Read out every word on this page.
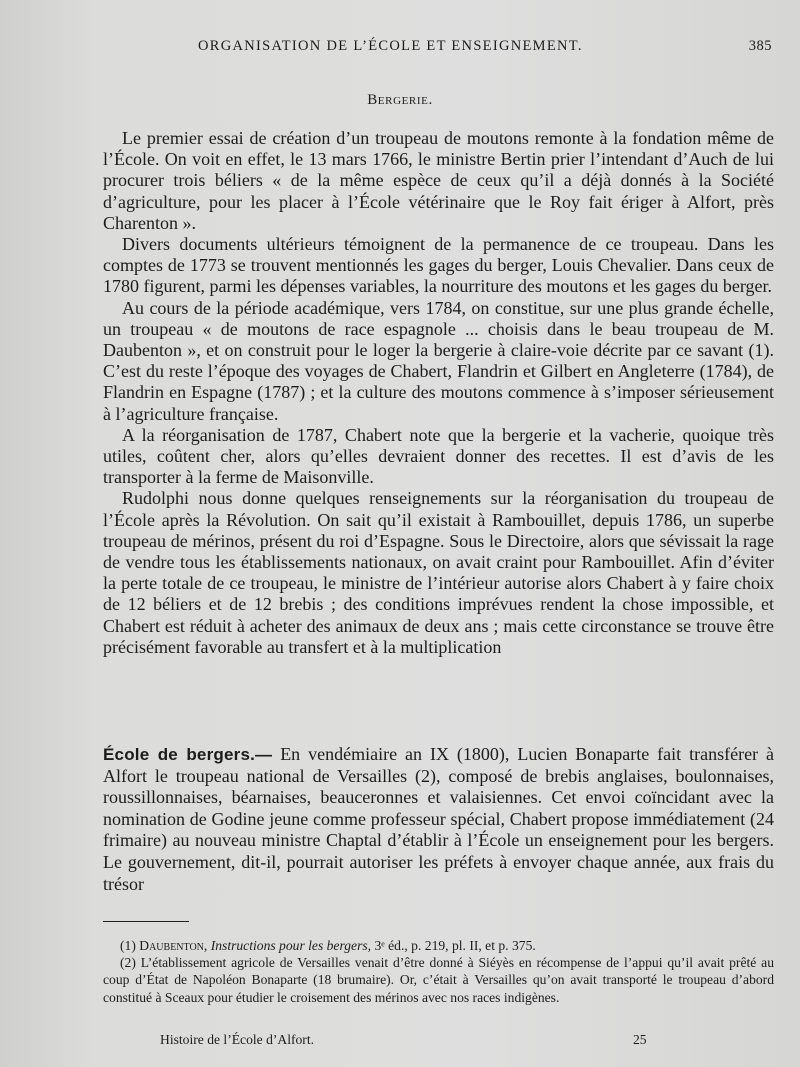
ORGANISATION DE L’ÉCOLE ET ENSEIGNEMENT.	385
Bergerie.

Le premier essai de création d’un troupeau de moutons remonte à la fondation même de l’École. On voit en effet, le 13 mars 1766, le ministre Bertin prier l’intendant d’Auch de lui procurer trois béliers « de la même espèce de ceux qu’il a déjà donnés à la Société d’agriculture, pour les placer à l’École vétérinaire que le Roy fait ériger à Alfort, près Charenton ».

Divers documents ultérieurs témoignent de la permanence de ce troupeau. Dans les comptes de 1773 se trouvent mentionnés les gages du berger, Louis Chevalier. Dans ceux de 1780 figurent, parmi les dépenses variables, la nourriture des moutons et les gages du berger.

Au cours de la période académique, vers 1784, on constitue, sur une plus grande échelle, un troupeau « de moutons de race espagnole ... choisis dans le beau troupeau de M. Daubenton », et on construit pour le loger la bergerie à claire-voie décrite par ce savant (1). C’est du reste l’époque des voyages de Chabert, Flandrin et Gilbert en Angleterre (1784), de Flandrin en Espagne (1787) ; et la culture des moutons commence à s’imposer sérieusement à l’agriculture française.

A la réorganisation de 1787, Chabert note que la bergerie et la vacherie, quoique très utiles, coûtent cher, alors qu’elles devraient donner des recettes. Il est d’avis de les transporter à la ferme de Maisonville.

Rudolphi nous donne quelques renseignements sur la réorganisation du troupeau de l’École après la Révolution. On sait qu’il existait à Rambouillet, depuis 1786, un superbe troupeau de mérinos, présent du roi d’Espagne. Sous le Directoire, alors que sévissait la rage de vendre tous les établissements nationaux, on avait craint pour Rambouillet. Afin d’éviter la perte totale de ce troupeau, le ministre de l’intérieur autorise alors Chabert à y faire choix de 12 béliers et de 12 brebis ; des conditions imprévues rendent la chose impossible, et Chabert est réduit à acheter des animaux de deux ans ; mais cette circonstance se trouve être précisément favorable au transfert et à la multiplication

École de bergers.— En vendémiaire an IX (1800), Lucien Bonaparte fait transférer à Alfort le troupeau national de Versailles (2), composé de brebis anglaises, boulonnaises, roussillonnaises, béarnaises, beauceronnes et valaisiennes. Cet envoi coïncidant avec la nomination de Godine jeune comme professeur spécial, Chabert propose immédiatement (24 frimaire) au nouveau ministre Chaptal d’établir à l’École un enseignement pour les bergers. Le gouvernement, dit-il, pourrait autoriser les préfets à envoyer chaque année, aux frais du trésor

(1) Daubenton, Instructions pour les bergers, 3ᵉ éd., p. 219, pl. II, et p. 375.

(2) L’établissement agricole de Versailles venait d’être donné à Siéyès en récompense de l’appui qu’il avait prêté au coup d’État de Napoléon Bonaparte (18 brumaire). Or, c’était à Versailles qu’on avait transporté le troupeau d’abord constitué à Sceaux pour étudier le croisement des mérinos avec nos races indigènes.

Histoire de l’École d’Alfort.	25
